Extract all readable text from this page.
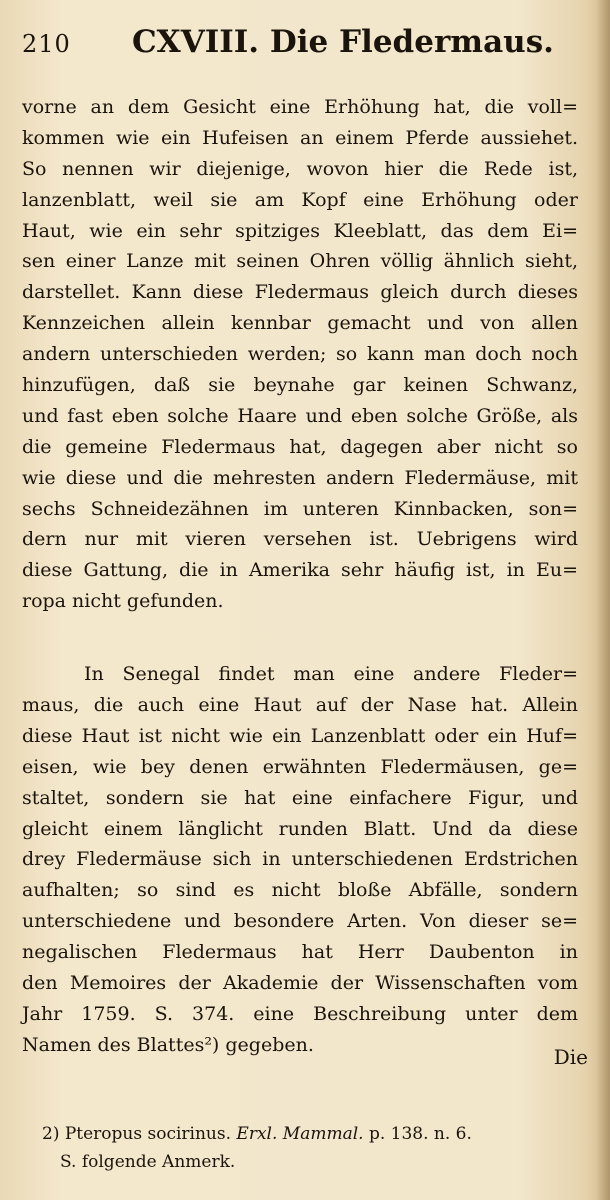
210 CXVIII. Die Fledermaus.
vorne an dem Gesicht eine Erhöhung hat, die voll=
kommen wie ein Hufeisen an einem Pferde aussiehet.
So nennen wir diejenige, wovon hier die Rede ist,
lanzenblatt, weil sie am Kopf eine Erhöhung oder
Haut, wie ein sehr spitziges Kleeblatt, das dem Ei=
sen einer Lanze mit seinen Ohren völlig ähnlich sieht,
darstellet. Kann diese Fledermaus gleich durch dieses
Kennzeichen allein kennbar gemacht und von allen
andern unterschieden werden; so kann man doch noch
hinzufügen, daß sie beynahe gar keinen Schwanz,
und fast eben solche Haare und eben solche Größe, als
die gemeine Fledermaus hat, dagegen aber nicht so
wie diese und die mehresten andern Fledermäuse, mit
sechs Schneidezähnen im unteren Kinnbacken, son=
dern nur mit vieren versehen ist. Uebrigens wird
diese Gattung, die in Amerika sehr häufig ist, in Eu=
ropa nicht gefunden.
In Senegal findet man eine andere Fleder=
maus, die auch eine Haut auf der Nase hat. Allein
diese Haut ist nicht wie ein Lanzenblatt oder ein Huf=
eisen, wie bey denen erwähnten Fledermäusen, ge=
staltet, sondern sie hat eine einfachere Figur, und
gleicht einem länglicht runden Blatt. Und da diese
drey Fledermäuse sich in unterschiedenen Erdstrichen
aufhalten; so sind es nicht bloße Abfälle, sondern
unterschiedene und besondere Arten. Von dieser se=
negalischen Fledermaus hat Herr Daubenton in
den Memoires der Akademie der Wissenschaften vom
Jahr 1759. S. 374. eine Beschreibung unter dem
Namen des Blattes²) gegeben.
Die
2) Pteropus socirinus. Erxl. Mammal. p. 138. n. 6.
S. folgende Anmerk.
